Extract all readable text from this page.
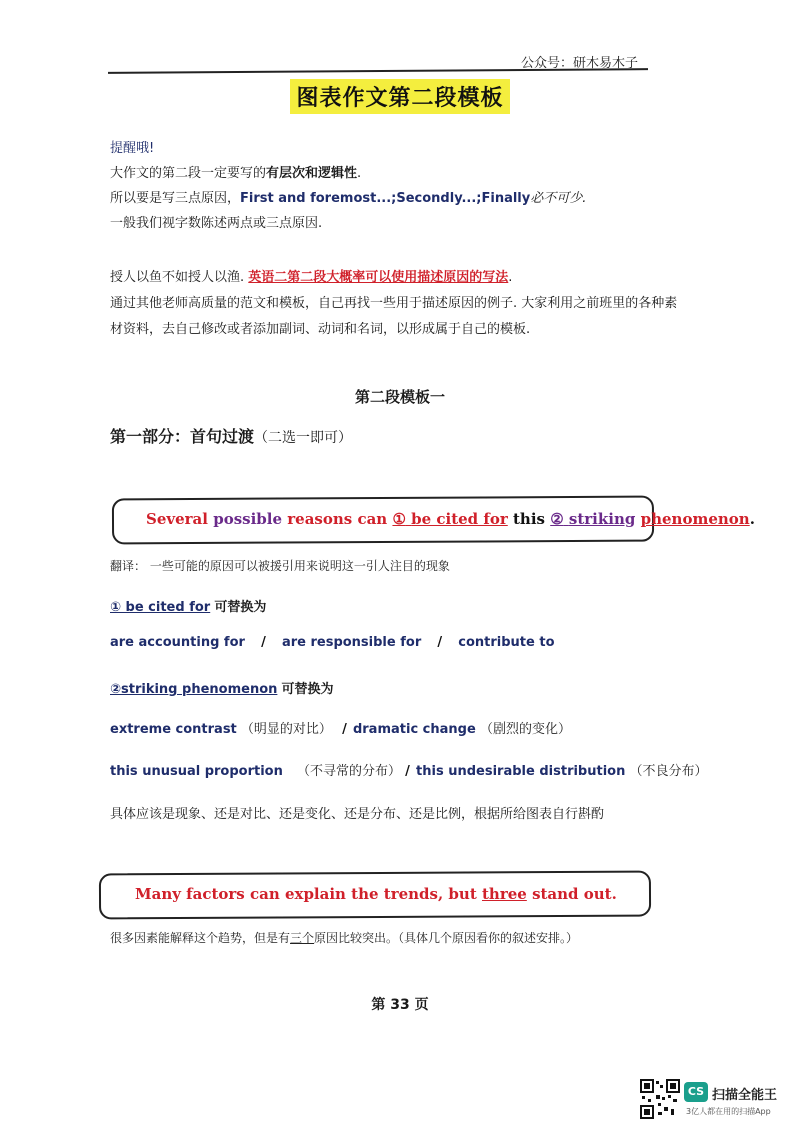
公众号：研木易木子
图表作文第二段模板
提醒哦!
大作文的第二段一定要写的有层次和逻辑性.
所以要是写三点原因，First and foremost...;Secondly...;Finally必不可少.
一般我们视字数陈述两点或三点原因.
授人以鱼不如授人以渔. 英语二第二段大概率可以使用描述原因的写法.
通过其他老师高质量的范文和模板，自己再找一些用于描述原因的例子. 大家利用之前班里的各种素
材资料，去自己修改或者添加副词、动词和名词，以形成属于自己的模板.
第二段模板一
第一部分：首句过渡（二选一即可）
Several possible reasons can ① be cited for this ② striking phenomenon.
翻译： 一些可能的原因可以被援引用来说明这一引人注目的现象
① be cited for 可替换为
are accounting for / are responsible for / contribute to
②striking phenomenon 可替换为
extreme contrast （明显的对比） / dramatic change （剧烈的变化）
this unusual proportion （不寻常的分布） / this undesirable distribution （不良分布）
具体应该是现象、还是对比、还是变化、还是分布、还是比例，根据所给图表自行斟酌
Many factors can explain the trends, but three stand out.
很多因素能解释这个趋势，但是有三个原因比较突出。（具体几个原因看你的叙述安排。）
第 33 页
CS 扫描全能王
3亿人都在用的扫描App
